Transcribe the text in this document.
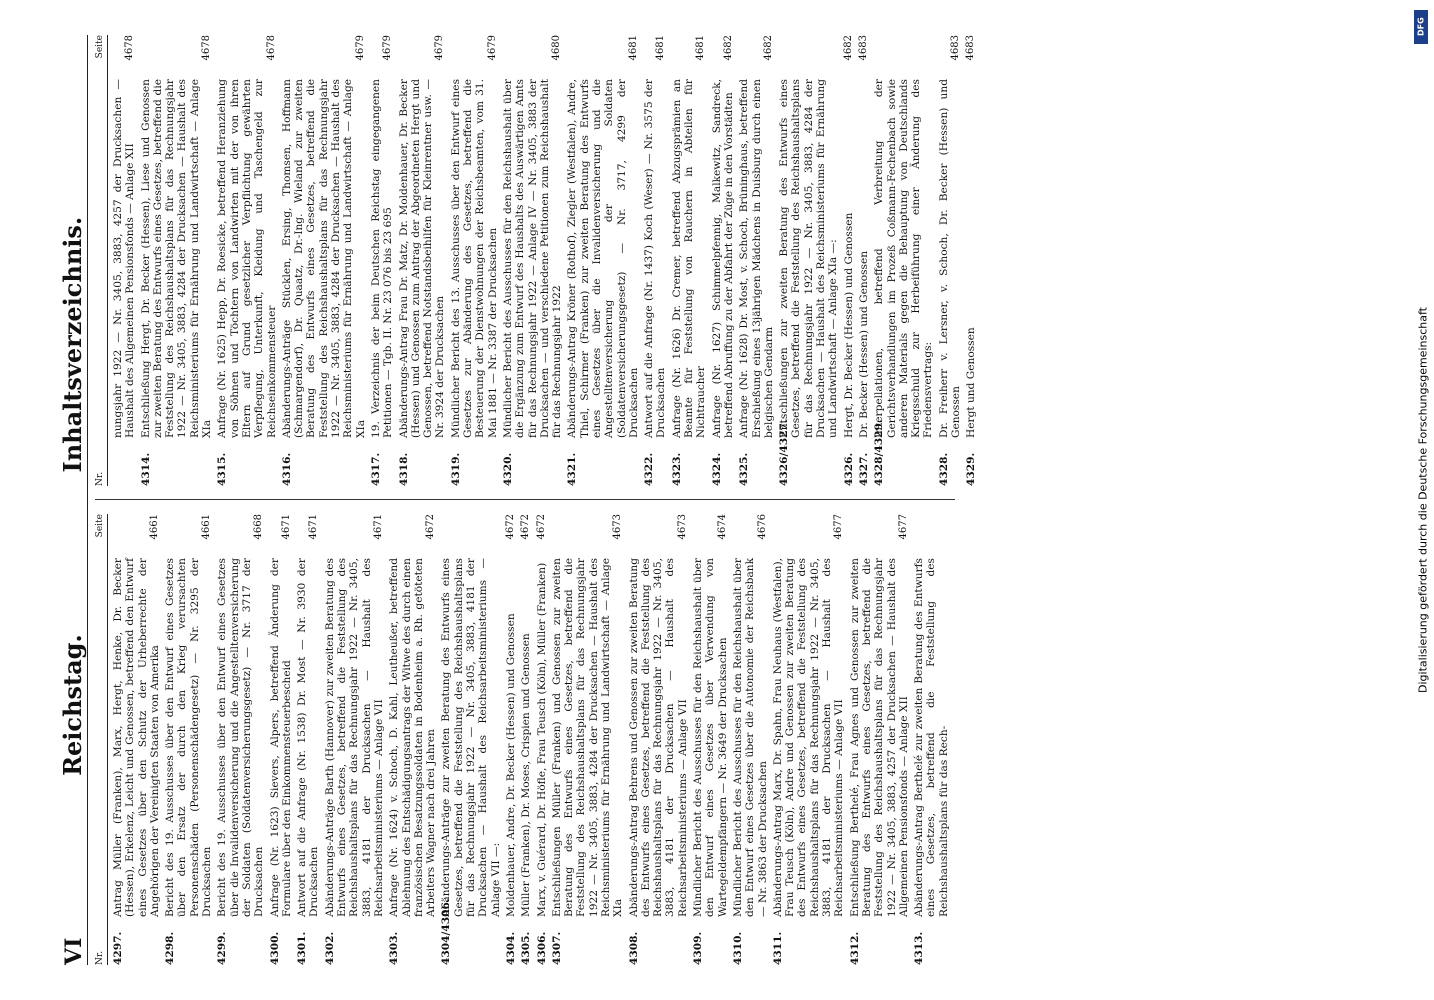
VI
Reichstag.
Inhaltsverzeichnis.
Nr.
Seite
4297.
Antrag Müller (Franken), Marx, Hergt, Henke, Dr. Becker (Hessen), Erkelenz, Leicht und Genossen, betreffend den Entwurf eines Gesetzes über den Schutz der Urheberrechte der Angehörigen der Vereinigten Staaten von Amerika
4661
4298.
Bericht des 19. Ausschusses über den Entwurf eines Gesetzes über den Ersatz der durch den Krieg verursachten Personenschäden (Personenschädengesetz) — Nr. 3295 der Drucksachen
4661
4299.
Bericht des 19. Ausschusses über den Entwurf eines Gesetzes über die Invalidenversicherung und die Angestelltenversicherung der Soldaten (Soldatenversicherungsgesetz) — Nr. 3717 der Drucksachen
4668
4300.
Anfrage (Nr. 1623) Sievers, Alpers, betreffend Änderung der Formulare über den Einkommensteuerbescheid
4671
4301.
Antwort auf die Anfrage (Nr. 1538) Dr. Most — Nr. 3930 der Drucksachen
4671
4302.
Abänderungs-Anträge Barth (Hannover) zur zweiten Beratung des Entwurfs eines Gesetzes, betreffend die Feststellung des Reichshaushaltsplans für das Rechnungsjahr 1922 — Nr. 3405, 3883, 4181 der Drucksachen — Haushalt des Reichsarbeitsministeriums — Anlage VII
4671
4303.
Anfrage (Nr. 1624) v. Schoch, D. Kahl, Leutheußer, betreffend Ablehnung des Entschädigungsantrags der Witwe des durch einen französischen Besatzungssoldaten in Bodenheim a. Rh. getöteten Arbeiters Wagner nach drei Jahren
4672
4304/4306.
Abänderungs-Anträge zur zweiten Beratung des Entwurfs eines Gesetzes, betreffend die Feststellung des Reichshaushaltsplans für das Rechnungsjahr 1922 — Nr. 3405, 3883, 4181 der Drucksachen — Haushalt des Reichsarbeitsministeriums — Anlage VII —:
4304.
Moldenhauer, Andre, Dr. Becker (Hessen) und Genossen
4672
4305.
Müller (Franken), Dr. Moses, Crispien und Genossen
4672
4306.
Marx, v. Guérard, Dr. Höfle, Frau Teusch (Köln), Müller (Franken)
4672
4307.
Entschließungen Müller (Franken) und Genossen zur zweiten Beratung des Entwurfs eines Gesetzes, betreffend die Feststellung des Reichshaushaltsplans für das Rechnungsjahr 1922 — Nr. 3405, 3883, 4284 der Drucksachen — Haushalt des Reichsministeriums für Ernährung und Landwirtschaft — Anlage XIa
4673
4308.
Abänderungs-Antrag Behrens und Genossen zur zweiten Beratung des Entwurfs eines Gesetzes, betreffend die Feststellung des Reichshaushaltsplans für das Rechnungsjahr 1922 — Nr. 3405, 3883, 4181 der Drucksachen — Haushalt des Reichsarbeitsministeriums — Anlage VII
4673
4309.
Mündlicher Bericht des Ausschusses für den Reichshaushalt über den Entwurf eines Gesetzes über Verwendung von Wartegeldempfängern — Nr. 3649 der Drucksachen
4674
4310.
Mündlicher Bericht des Ausschusses für den Reichshaushalt über den Entwurf eines Gesetzes über die Autonomie der Reichsbank — Nr. 3863 der Drucksachen
4676
4311.
Abänderungs-Antrag Marx, Dr. Spahn, Frau Neuhaus (Westfalen), Frau Teusch (Köln), Andre und Genossen zur zweiten Beratung des Entwurfs eines Gesetzes, betreffend die Feststellung des Reichshaushaltsplans für das Rechnungsjahr 1922 — Nr. 3405, 3883, 4181 der Drucksachen — Haushalt des Reichsarbeitsministeriums — Anlage VII
4677
4312.
Entschließung Berthelé, Frau Agnes und Genossen zur zweiten Beratung des Entwurfs eines Gesetzes, betreffend die Feststellung des Reichshaushaltsplans für das Rechnungsjahr 1922 — Nr. 3405, 3883, 4257 der Drucksachen — Haushalt des Allgemeinen Pensionsfonds — Anlage XII
4677
4313.
Abänderungs-Antrag Berthelé zur zweiten Beratung des Entwurfs eines Gesetzes, betreffend die Feststellung des Reichshaushaltsplans für das Rech-
Nr.
Seite
nungsjahr 1922 — Nr. 3405, 3883, 4257 der Drucksachen — Haushalt des Allgemeinen Pensionsfonds — Anlage XII
4678
4314.
Entschließung Hergt, Dr. Becker (Hessen), Liese und Genossen zur zweiten Beratung des Entwurfs eines Gesetzes, betreffend die Feststellung des Reichshaushaltsplans für das Rechnungsjahr 1922 — Nr. 3405, 3883, 4284 der Drucksachen — Haushalt des Reichsministeriums für Ernährung und Landwirtschaft — Anlage XIa
4678
4315.
Anfrage (Nr. 1625) Hepp, Dr. Roesicke, betreffend Heranziehung von Söhnen und Töchtern von Landwirten mit der von ihren Eltern auf Grund gesetzlicher Verpflichtung gewährten Verpflegung, Unterkunft, Kleidung und Taschengeld zur Reichseinkommensteuer
4678
4316.
Abänderungs-Anträge Stücklen, Ersing, Thomsen, Hoffmann (Schmargendorf), Dr. Quaatz, Dr.-Ing. Wieland zur zweiten Beratung des Entwurfs eines Gesetzes, betreffend die Feststellung des Reichshaushaltsplans für das Rechnungsjahr 1922 — Nr. 3405, 3883, 4284 der Drucksachen — Haushalt des Reichsministeriums für Ernährung und Landwirtschaft — Anlage XIa
4679
4317.
19. Verzeichnis der beim Deutschen Reichstag eingegangenen Petitionen — Tgb. II. Nr. 23 076 bis 23 695
4679
4318.
Abänderungs-Antrag Frau Dr. Matz, Dr. Moldenhauer, Dr. Becker (Hessen) und Genossen zum Antrag der Abgeordneten Hergt und Genossen, betreffend Notstandsbeihilfen für Kleinrentner usw. — Nr. 3924 der Drucksachen
4679
4319.
Mündlicher Bericht des 13. Ausschusses über den Entwurf eines Gesetzes zur Abänderung des Gesetzes, betreffend die Besteuerung der Dienstwohnungen der Reichsbeamten, vom 31. Mai 1881 — Nr. 3387 der Drucksachen
4679
4320.
Mündlicher Bericht des Ausschusses für den Reichshaushalt über die Ergänzung zum Entwurf des Haushalts des Auswärtigen Amts für das Rechnungsjahr 1922 — Anlage IV — Nr. 3405, 3883 der Drucksachen — und verschiedene Petitionen zum Reichshaushalt für das Rechnungsjahr 1922
4680
4321.
Abänderungs-Antrag Kröner (Rothof), Ziegler (Westfalen), Andre, Thiel, Schirmer (Franken) zur zweiten Beratung des Entwurfs eines Gesetzes über die Invalidenversicherung und die Angestelltenversicherung der Soldaten (Soldatenversicherungsgesetz) — Nr. 3717, 4299 der Drucksachen
4681
4322.
Antwort auf die Anfrage (Nr. 1437) Koch (Weser) — Nr. 3575 der Drucksachen
4681
4323.
Anfrage (Nr. 1626) Dr. Cremer, betreffend Abzugsprämien an Beamte für Feststellung von Rauchern in Abteilen für Nichtraucher
4681
4324.
Anfrage (Nr. 1627) Schimmelpfennig, Malkewitz, Sandreck, betreffend Abruffung zu der Abfahrt der Züge in den Vorstädten
4682
4325.
Anfrage (Nr. 1628) Dr. Most, v. Schoch, Brüninghaus, betreffend Erschießung eines 13jährigen Mädchens in Duisburg durch einen belgischen Gendarm
4682
4326/4327.
Entschließungen zur zweiten Beratung des Entwurfs eines Gesetzes, betreffend die Feststellung des Reichshaushaltsplans für das Rechnungsjahr 1922 — Nr. 3405, 3883, 4284 der Drucksachen — Haushalt des Reichsministeriums für Ernährung und Landwirtschaft — Anlage XIa —:
4326.
Hergt, Dr. Becker (Hessen) und Genossen
4682
4327.
Dr. Becker (Hessen) und Genossen
4683
4328/4329.
Interpellationen, betreffend Verbreitung der Gerichtsverhandlungen im Prozeß Coßmann-Fechenbach sowie anderen Materials gegen die Behauptung von Deutschlands Kriegsschuld zur Herbeiführung einer Änderung des Friedensvertrags:
4328.
Dr. Freiherr v. Lersner, v. Schoch, Dr. Becker (Hessen) und Genossen
4683
4329.
Hergt und Genossen
4683
DFG
Digitalisierung gefördert durch die Deutsche Forschungsgemeinschaft
